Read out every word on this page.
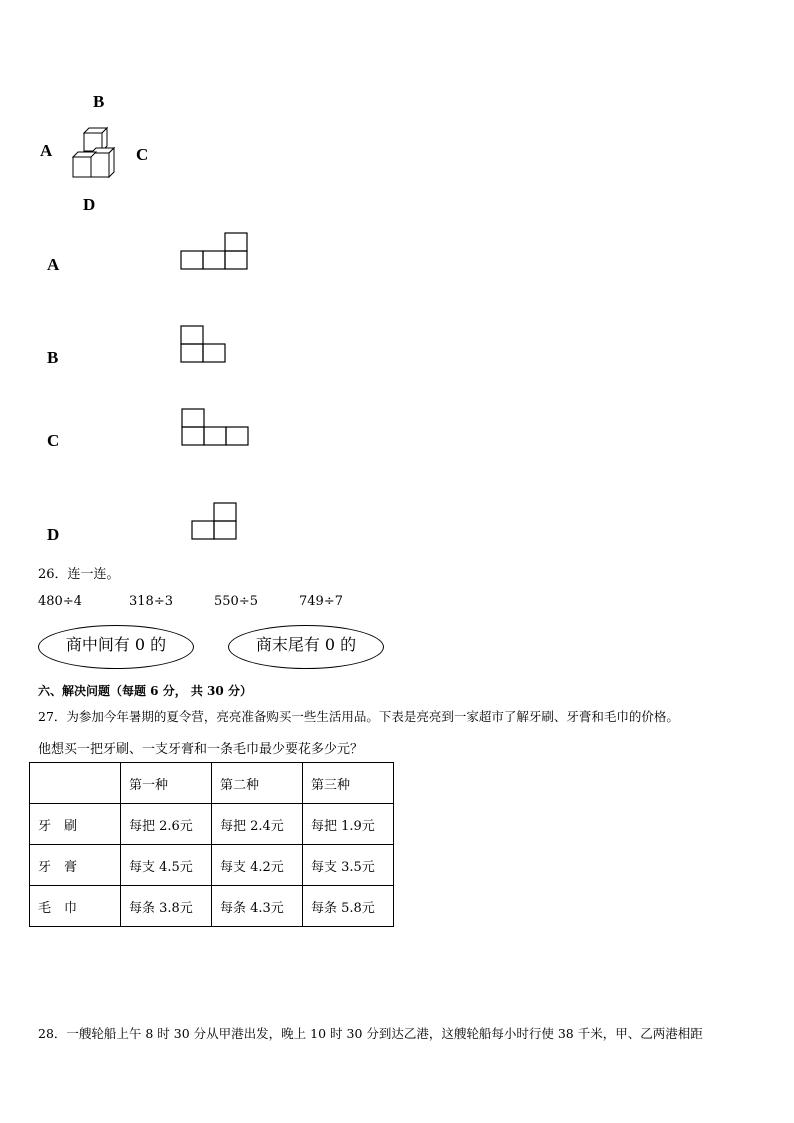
B
A	C
D
A
B
C
D
26．连一连。
480÷4	318÷3	550÷5	749÷7
商中间有 0 的	商末尾有 0 的
六、解决问题（每题 6 分， 共 30 分）
27．为参加今年暑期的夏令营，亮亮准备购买一些生活用品。下表是亮亮到一家超市了解牙刷、牙膏和毛巾的价格。
他想买一把牙刷、一支牙膏和一条毛巾最少要花多少元？
	第一种	第二种	第三种
牙　刷	每把 2.6元	每把 2.4元	每把 1.9元
牙　膏	每支 4.5元	每支 4.2元	每支 3.5元
毛　巾	每条 3.8元	每条 4.3元	每条 5.8元
28．一艘轮船上午 8 时 30 分从甲港出发，晚上 10 时 30 分到达乙港，这艘轮船每小时行使 38 千米，甲、乙两港相距
